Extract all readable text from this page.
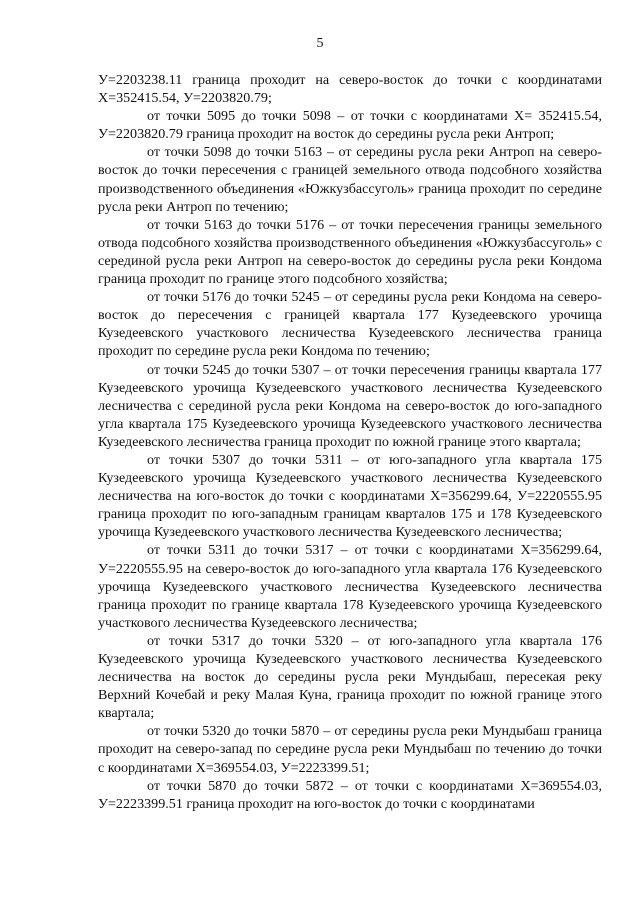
5

У=2203238.11 граница проходит на северо-восток до точки с координатами Х=352415.54, У=2203820.79;

от точки 5095 до точки 5098 – от точки с координатами Х= 352415.54, У=2203820.79 граница проходит на восток до середины русла реки Антроп;

от точки 5098 до точки 5163 – от середины русла реки Антроп на северо-восток до точки пересечения с границей земельного отвода подсобного хозяйства производственного объединения «Южкузбассуголь» граница проходит по середине русла реки Антроп по течению;

от точки 5163 до точки 5176 – от точки пересечения границы земельного отвода подсобного хозяйства производственного объединения «Южкузбассуголь» с серединой русла реки Антроп на северо-восток до середины русла реки Кондома граница проходит по границе этого подсобного хозяйства;

от точки 5176 до точки 5245 – от середины русла реки Кондома на северо-восток до пересечения с границей квартала 177 Кузедеевского урочища Кузедеевского участкового лесничества Кузедеевского лесничества граница проходит по середине русла реки Кондома по течению;

от точки 5245 до точки 5307 – от точки пересечения границы квартала 177 Кузедеевского урочища Кузедеевского участкового лесничества Кузедеевского лесничества с серединой русла реки Кондома на северо-восток до юго-западного угла квартала 175 Кузедеевского урочища Кузедеевского участкового лесничества Кузедеевского лесничества граница проходит по южной границе этого квартала;

от точки 5307 до точки 5311 – от юго-западного угла квартала 175 Кузедеевского урочища Кузедеевского участкового лесничества Кузедеевского лесничества на юго-восток до точки с координатами Х=356299.64, У=2220555.95 граница проходит по юго-западным границам кварталов 175 и 178 Кузедеевского урочища Кузедеевского участкового лесничества Кузедеевского лесничества;

от точки 5311 до точки 5317 – от точки с координатами Х=356299.64, У=2220555.95 на северо-восток до юго-западного угла квартала 176 Кузедеевского урочища Кузедеевского участкового лесничества Кузедеевского лесничества граница проходит по границе квартала 178 Кузедеевского урочища Кузедеевского участкового лесничества Кузедеевского лесничества;

от точки 5317 до точки 5320 – от юго-западного угла квартала 176 Кузедеевского урочища Кузедеевского участкового лесничества Кузедеевского лесничества на восток до середины русла реки Мундыбаш, пересекая реку Верхний Кочебай и реку Малая Куна, граница проходит по южной границе этого квартала;

от точки 5320 до точки 5870 – от середины русла реки Мундыбаш граница проходит на северо-запад по середине русла реки Мундыбаш по течению до точки с координатами Х=369554.03, У=2223399.51;

от точки 5870 до точки 5872 – от точки с координатами Х=369554.03, У=2223399.51 граница проходит на юго-восток до точки с координатами
